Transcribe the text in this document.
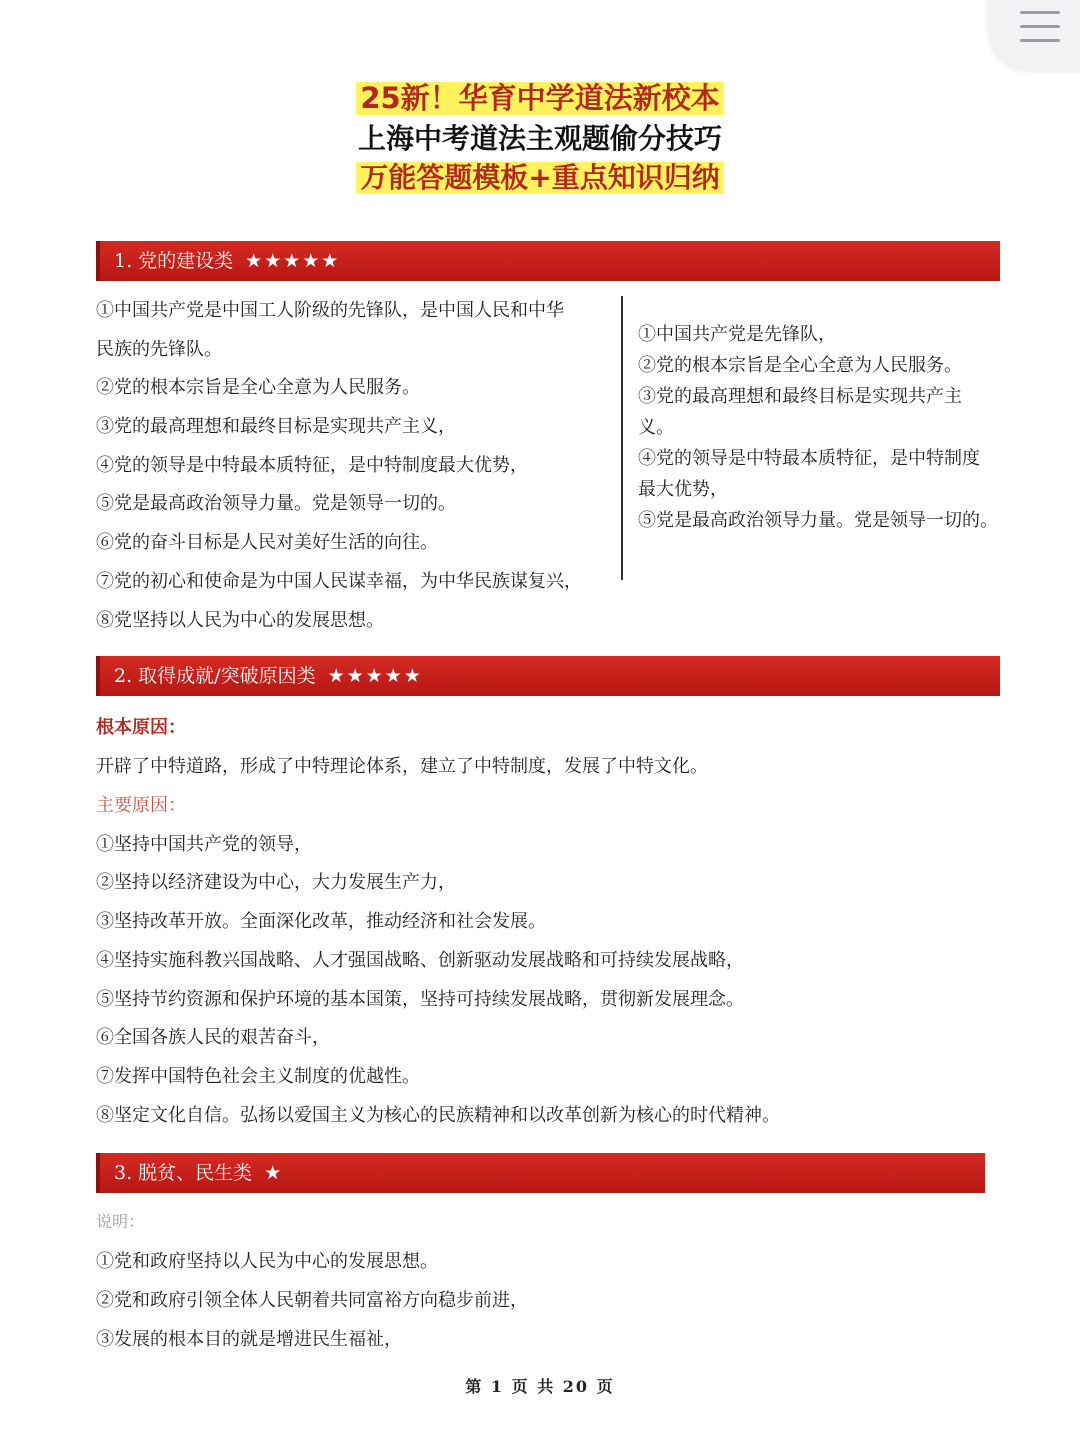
25新！华育中学道法新校本
上海中考道法主观题偷分技巧
万能答题模板+重点知识归纳
1. 党的建设类 ★★★★★
①中国共产党是中国工人阶级的先锋队，是中国人民和中华
民族的先锋队。
②党的根本宗旨是全心全意为人民服务。
③党的最高理想和最终目标是实现共产主义，
④党的领导是中特最本质特征，是中特制度最大优势，
⑤党是最高政治领导力量。党是领导一切的。
⑥党的奋斗目标是人民对美好生活的向往。
⑦党的初心和使命是为中国人民谋幸福，为中华民族谋复兴，
⑧党坚持以人民为中心的发展思想。
①中国共产党是先锋队，
②党的根本宗旨是全心全意为人民服务。
③党的最高理想和最终目标是实现共产主
义。
④党的领导是中特最本质特征，是中特制度
最大优势，
⑤党是最高政治领导力量。党是领导一切的。
2. 取得成就/突破原因类 ★★★★★
根本原因：
开辟了中特道路，形成了中特理论体系，建立了中特制度，发展了中特文化。
主要原因：
①坚持中国共产党的领导，
②坚持以经济建设为中心，大力发展生产力，
③坚持改革开放。全面深化改革，推动经济和社会发展。
④坚持实施科教兴国战略、人才强国战略、创新驱动发展战略和可持续发展战略，
⑤坚持节约资源和保护环境的基本国策，坚持可持续发展战略，贯彻新发展理念。
⑥全国各族人民的艰苦奋斗，
⑦发挥中国特色社会主义制度的优越性。
⑧坚定文化自信。弘扬以爱国主义为核心的民族精神和以改革创新为核心的时代精神。
3. 脱贫、民生类 ★
说明：
①党和政府坚持以人民为中心的发展思想。
②党和政府引领全体人民朝着共同富裕方向稳步前进，
③发展的根本目的就是增进民生福祉，
第 1 页 共 20 页
